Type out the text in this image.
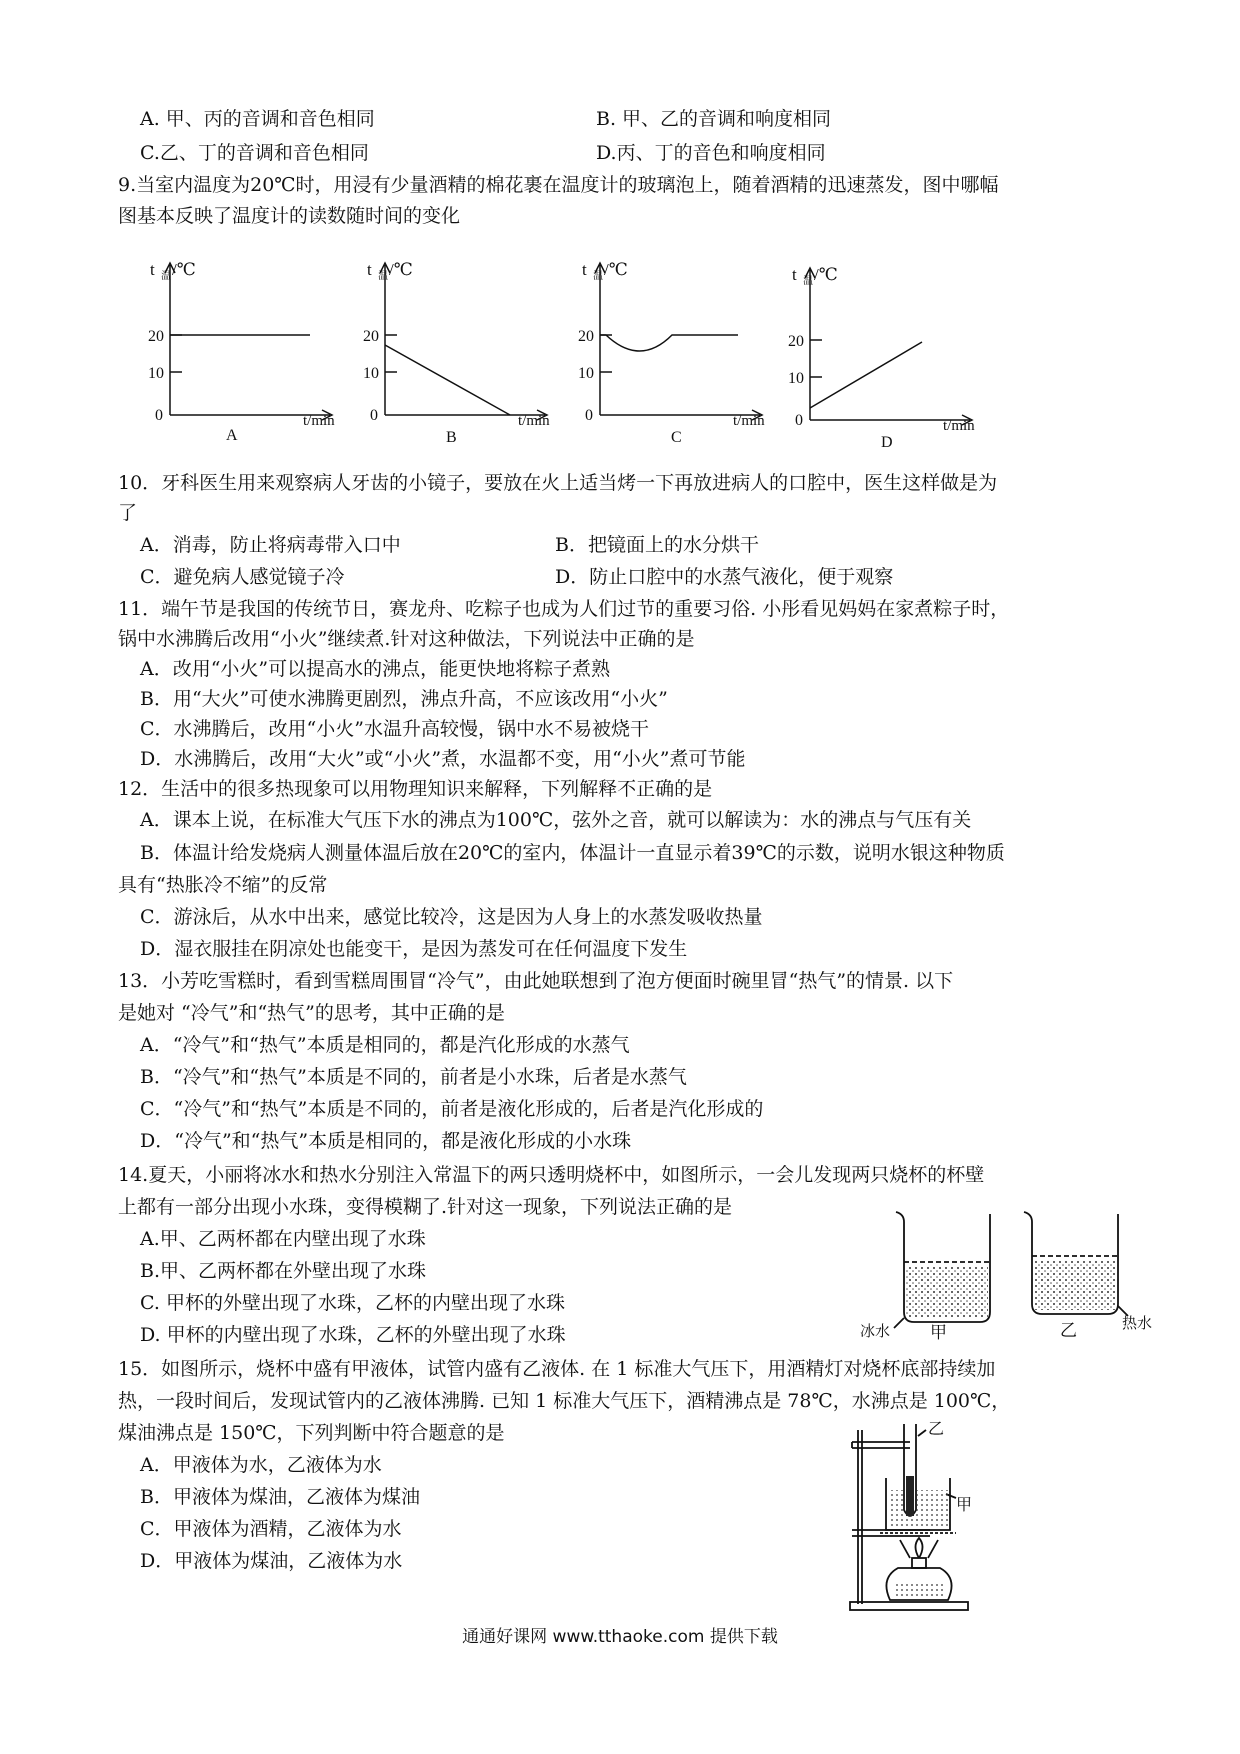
A. 甲、丙的音调和音色相同	B. 甲、乙的音调和响度相同
C.乙、丁的音调和音色相同	D.丙、丁的音色和响度相同
9.当室内温度为20℃时，用浸有少量酒精的棉花裹在温度计的玻璃泡上，随着酒精的迅速蒸发，图中哪幅
图基本反映了温度计的读数随时间的变化
t 温 /℃
20
10
0	t/min
A
t 温 /℃
20
10
0	t/min
B
t 温 /℃
20
10
0	t/min
C
t 温 /℃
20
10
0	t/min
D
10．牙科医生用来观察病人牙齿的小镜子，要放在火上适当烤一下再放进病人的口腔中，医生这样做是为
了
A．消毒，防止将病毒带入口中	B．把镜面上的水分烘干
C．避免病人感觉镜子冷	D．防止口腔中的水蒸气液化，便于观察
11．端午节是我国的传统节日，赛龙舟、吃粽子也成为人们过节的重要习俗. 小彤看见妈妈在家煮粽子时，
锅中水沸腾后改用“小火”继续煮.针对这种做法，下列说法中正确的是
A．改用“小火”可以提高水的沸点，能更快地将粽子煮熟
B．用“大火”可使水沸腾更剧烈，沸点升高，不应该改用“小火”
C．水沸腾后，改用“小火”水温升高较慢，锅中水不易被烧干
D．水沸腾后，改用“大火”或“小火”煮，水温都不变，用“小火”煮可节能
12．生活中的很多热现象可以用物理知识来解释，下列解释不正确的是
A．课本上说，在标准大气压下水的沸点为100℃，弦外之音，就可以解读为：水的沸点与气压有关
B．体温计给发烧病人测量体温后放在20℃的室内，体温计一直显示着39℃的示数，说明水银这种物质
具有“热胀冷不缩”的反常
C．游泳后，从水中出来，感觉比较冷，这是因为人身上的水蒸发吸收热量
D．湿衣服挂在阴凉处也能变干，是因为蒸发可在任何温度下发生
13．小芳吃雪糕时，看到雪糕周围冒“冷气”，由此她联想到了泡方便面时碗里冒“热气”的情景. 以下
是她对 “冷气”和“热气”的思考，其中正确的是
A．“冷气”和“热气”本质是相同的，都是汽化形成的水蒸气
B．“冷气”和“热气”本质是不同的，前者是小水珠，后者是水蒸气
C．“冷气”和“热气”本质是不同的，前者是液化形成的，后者是汽化形成的
D．“冷气”和“热气”本质是相同的，都是液化形成的小水珠
14.夏天，小丽将冰水和热水分别注入常温下的两只透明烧杯中，如图所示，一会儿发现两只烧杯的杯壁
上都有一部分出现小水珠，变得模糊了.针对这一现象，下列说法正确的是
A.甲、乙两杯都在内壁出现了水珠
B.甲、乙两杯都在外壁出现了水珠
C. 甲杯的外壁出现了水珠，乙杯的内壁出现了水珠
D. 甲杯的内壁出现了水珠，乙杯的外壁出现了水珠	冰水 甲	乙	热水
15．如图所示，烧杯中盛有甲液体，试管内盛有乙液体. 在 1 标准大气压下，用酒精灯对烧杯底部持续加
热，一段时间后，发现试管内的乙液体沸腾. 已知 1 标准大气压下，酒精沸点是 78℃，水沸点是 100℃，
煤油沸点是 150℃，下列判断中符合题意的是
A．甲液体为水，乙液体为水
B．甲液体为煤油，乙液体为煤油
C．甲液体为酒精，乙液体为水
D．甲液体为煤油，乙液体为水
乙
甲
通通好课网 www.tthaoke.com 提供下载
